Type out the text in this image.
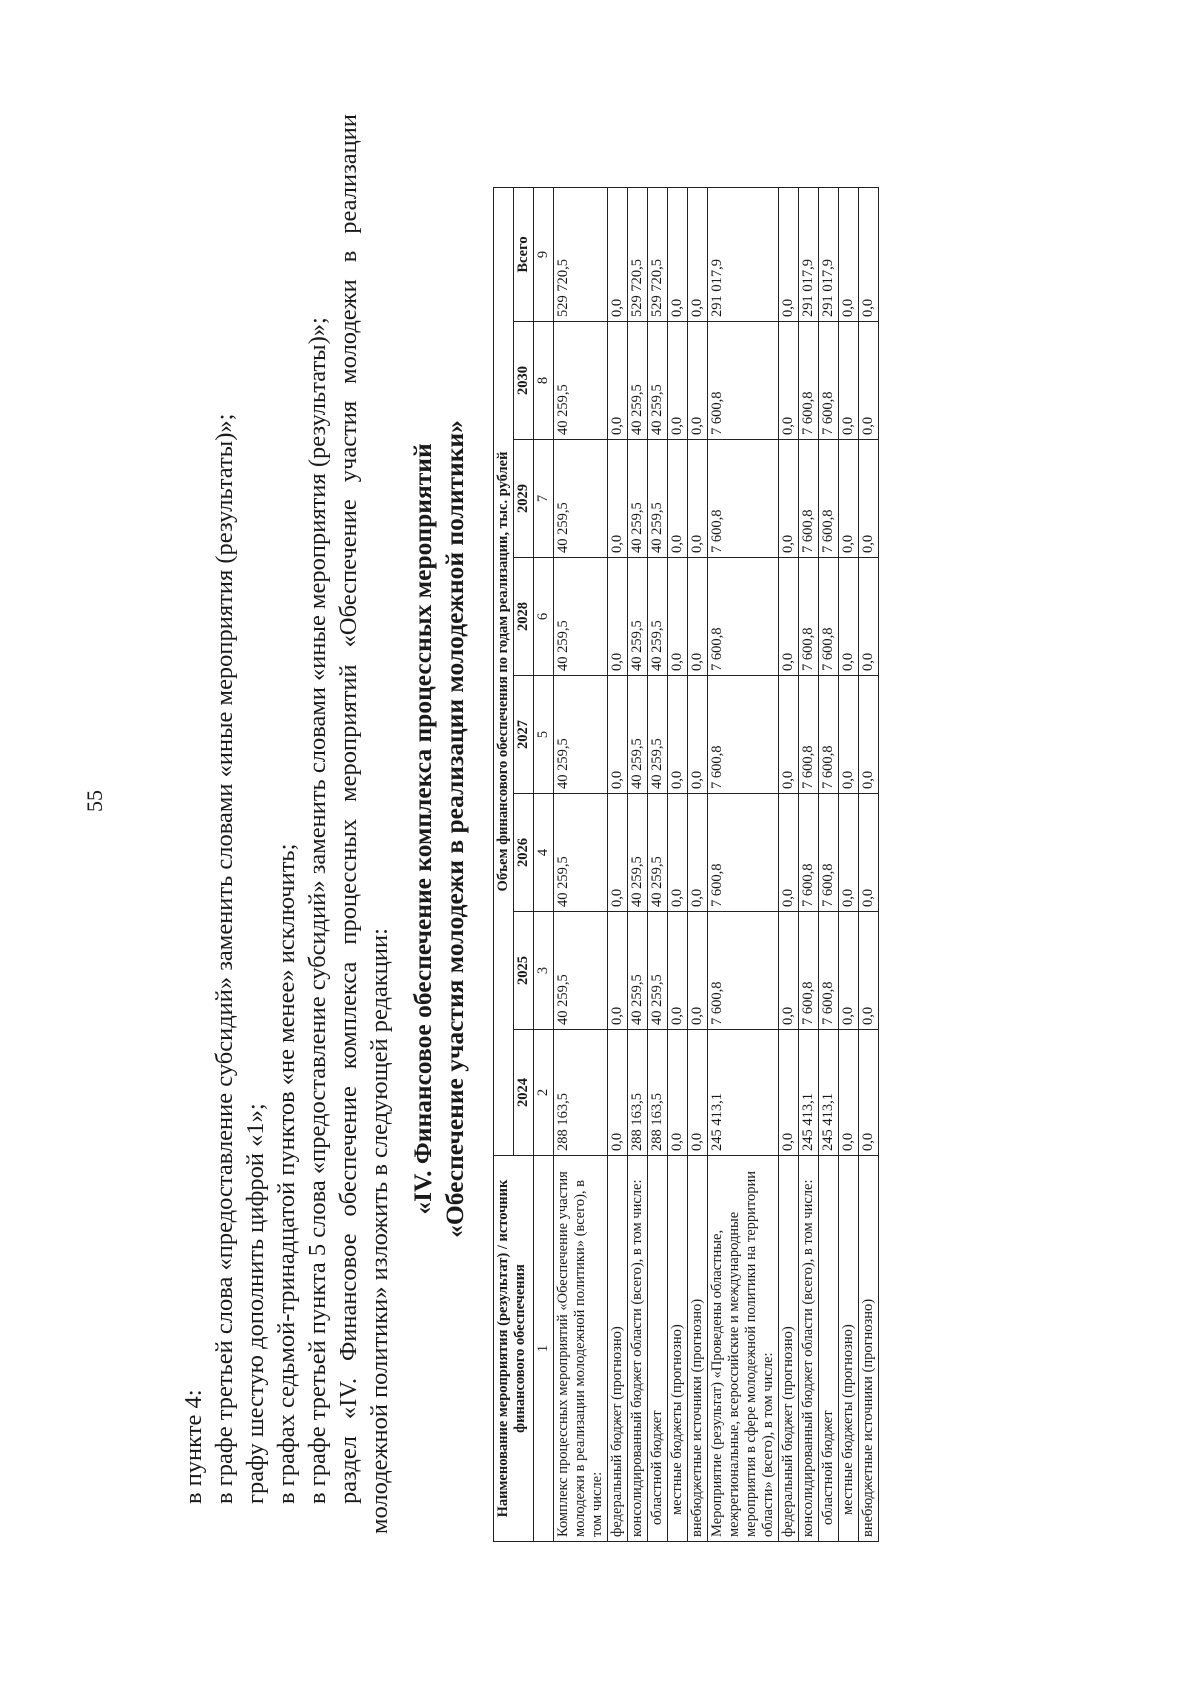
55

в пункте 4: в графе третьей слова «предоставление субсидий» заменить словами «иные мероприятия (результаты)»; графу шестую дополнить цифрой «1»; в графах седьмой-тринадцатой пунктов «не менее» исключить; в графе третьей пункта 5 слова «предоставление субсидий» заменить словами «иные мероприятия (результаты)»; раздел «IV. Финансовое обеспечение комплекса процессных мероприятий «Обеспечение участия молодежи в реализации молодежной политики» изложить в следующей редакции:

«IV. Финансовое обеспечение комплекса процессных мероприятий «Обеспечение участия молодежи в реализации молодежной политики»
Наименование мероприятия (результат) / источник финансового обеспечения	Объем финансового обеспечения по годам реализации, тыс. рублей							
	2024	2025	2026	2027	2028	2029	2030	Всего
1	2	3	4	5	6	7	8	9
Комплекс процессных мероприятий «Обеспечение участия молодежи в реализации молодежной политики» (всего), в том числе:	288 163,5	40 259,5	40 259,5	40 259,5	40 259,5	40 259,5	40 259,5	529 720,5
федеральный бюджет (прогнозно)	0,0	0,0	0,0	0,0	0,0	0,0	0,0	0,0
консолидированный бюджет области (всего), в том числе:	288 163,5	40 259,5	40 259,5	40 259,5	40 259,5	40 259,5	40 259,5	529 720,5
областной бюджет	288 163,5	40 259,5	40 259,5	40 259,5	40 259,5	40 259,5	40 259,5	529 720,5
местные бюджеты (прогнозно)	0,0	0,0	0,0	0,0	0,0	0,0	0,0	0,0
внебюджетные источники (прогнозно)	0,0	0,0	0,0	0,0	0,0	0,0	0,0	0,0
Мероприятие (результат) «Проведены областные, межрегиональные, всероссийские и международные мероприятия в сфере молодежной политики на территории области» (всего), в том числе:	245 413,1	7 600,8	7 600,8	7 600,8	7 600,8	7 600,8	7 600,8	291 017,9
федеральный бюджет (прогнозно)	0,0	0,0	0,0	0,0	0,0	0,0	0,0	0,0
консолидированный бюджет области (всего), в том числе:	245 413,1	7 600,8	7 600,8	7 600,8	7 600,8	7 600,8	7 600,8	291 017,9
областной бюджет	245 413,1	7 600,8	7 600,8	7 600,8	7 600,8	7 600,8	7 600,8	291 017,9
местные бюджеты (прогнозно)	0,0	0,0	0,0	0,0	0,0	0,0	0,0	0,0
внебюджетные источники (прогнозно)	0,0	0,0	0,0	0,0	0,0	0,0	0,0	0,0
